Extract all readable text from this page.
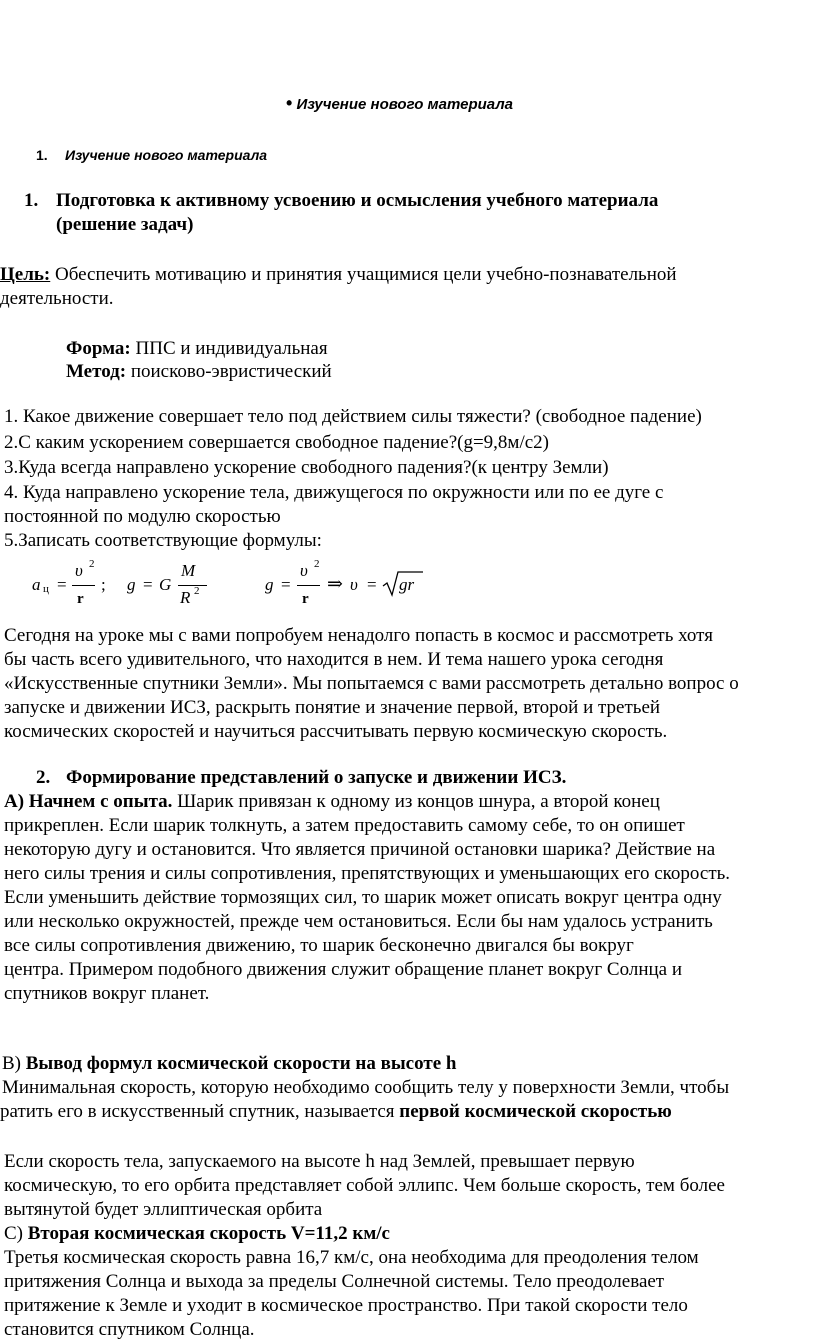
• Изучение нового материала
1. Изучение нового материала
1. Подготовка к активному усвоению и осмысления учебного материала
(решение задач)
Цель: Обеспечить мотивацию и принятия учащимися цели учебно-познавательной
деятельности.
Форма: ППС и индивидуальная
Метод: поисково-эвристический
1. Какое движение совершает тело под действием силы тяжести? (свободное падение)
2.С каким ускорением совершается свободное падение?(g=9,8м/с2)
3.Куда всегда направлено ускорение свободного падения?(к центру Земли)
4. Куда направлено ускорение тела, движущегося по окружности или по ее дуге с
постоянной по модулю скоростью
5.Записать соответствующие формулы:
a ц =
υ 2
r
; g = G
M
R 2	g =
υ 2
r
⇒ υ = gr
Сегодня на уроке мы с вами попробуем ненадолго попасть в космос и рассмотреть хотя
бы часть всего удивительного, что находится в нем. И тема нашего урока сегодня
«Искусственные спутники Земли». Мы попытаемся с вами рассмотреть детально вопрос о
запуске и движении ИСЗ, раскрыть понятие и значение первой, второй и третьей
космических скоростей и научиться рассчитывать первую космическую скорость.
2. Формирование представлений о запуске и движении ИСЗ.
А) Начнем с опыта. Шарик привязан к одному из концов шнура, а второй конец
прикреплен. Если шарик толкнуть, а затем предоставить самому себе, то он опишет
некоторую дугу и остановится. Что является причиной остановки шарика? Действие на
него силы трения и силы сопротивления, препятствующих и уменьшающих его скорость.
Если уменьшить действие тормозящих сил, то шарик может описать вокруг центра одну
или несколько окружностей, прежде чем остановиться. Если бы нам удалось устранить
все силы сопротивления движению, то шарик бесконечно двигался бы вокруг
центра. Примером подобного движения служит обращение планет вокруг Солнца и
спутников вокруг планет.
В) Вывод формул космической скорости на высоте h
Минимальная скорость, которую необходимо сообщить телу у поверхности Земли, чтобы
ратить его в искусственный спутник, называется первой космической скоростью
Если скорость тела, запускаемого на высоте h над Землей, превышает первую
космическую, то его орбита представляет собой эллипс. Чем больше скорость, тем более
вытянутой будет эллиптическая орбита
С) Вторая космическая скорость V=11,2 км/с
Третья космическая скорость равна 16,7 км/с, она необходима для преодоления телом
притяжения Солнца и выхода за пределы Солнечной системы. Тело преодолевает
притяжение к Земле и уходит в космическое пространство. При такой скорости тело
становится спутником Солнца.
